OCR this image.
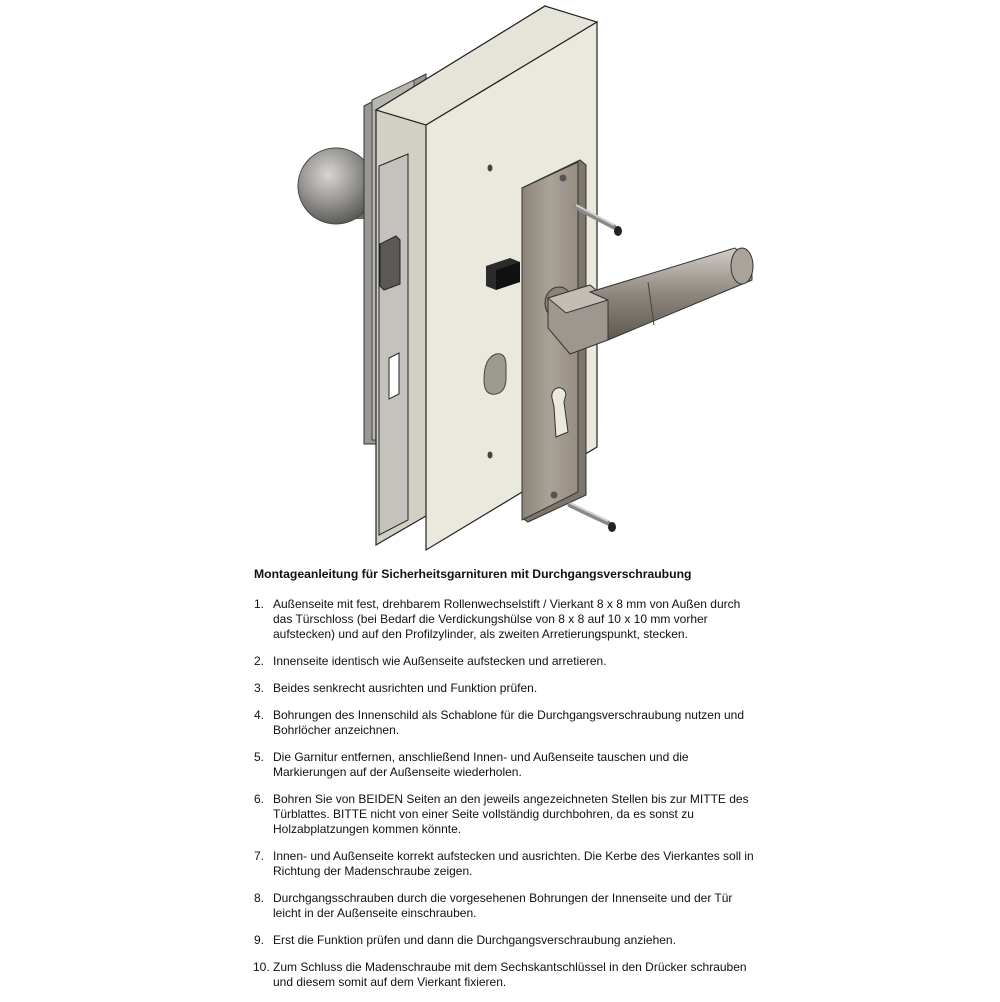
Montageanleitung für Sicherheitsgarnituren mit Durchgangsverschraubung
1. Außenseite mit fest, drehbarem Rollenwechselstift / Vierkant 8 x 8 mm von Außen durch das Türschloss (bei Bedarf die Verdickungshülse von 8 x 8 auf 10 x 10 mm vorher aufstecken) und auf den Profilzylinder, als zweiten Arretierungspunkt, stecken.
2. Innenseite identisch wie Außenseite aufstecken und arretieren.
3. Beides senkrecht ausrichten und Funktion prüfen.
4. Bohrungen des Innenschild als Schablone für die Durchgangsverschraubung nutzen und Bohrlöcher anzeichnen.
5. Die Garnitur entfernen, anschließend Innen- und Außenseite tauschen und die Markierungen auf der Außenseite wiederholen.
6. Bohren Sie von BEIDEN Seiten an den jeweils angezeichneten Stellen bis zur MITTE des Türblattes. BITTE nicht von einer Seite vollständig durchbohren, da es sonst zu Holzabplatzungen kommen könnte.
7. Innen- und Außenseite korrekt aufstecken und ausrichten. Die Kerbe des Vierkantes soll in Richtung der Madenschraube zeigen.
8. Durchgangsschrauben durch die vorgesehenen Bohrungen der Innenseite und der Tür leicht in der Außenseite einschrauben.
9. Erst die Funktion prüfen und dann die Durchgangsverschraubung anziehen.
10. Zum Schluss die Madenschraube mit dem Sechskantschlüssel in den Drücker schrauben und diesem somit auf dem Vierkant fixieren.
